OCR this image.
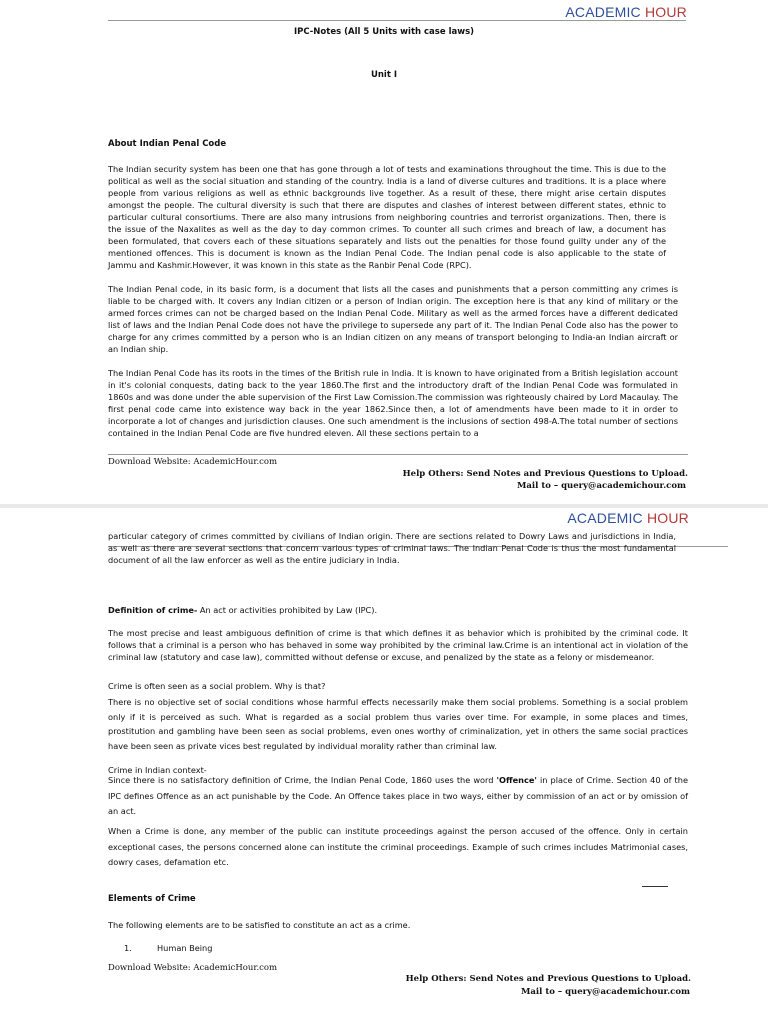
ACADEMIC HOUR
IPC-Notes (All 5 Units with case laws)
Unit I
About Indian Penal Code

The Indian security system has been one that has gone through a lot of tests and examinations throughout the time. This is due to the political as well as the social situation and standing of the country. India is a land of diverse cultures and traditions. It is a place where people from various religions as well as ethnic backgrounds live together. As a result of these, there might arise certain disputes amongst the people. The cultural diversity is such that there are disputes and clashes of interest between different states, ethnic to particular cultural consortiums. There are also many intrusions from neighboring countries and terrorist organizations. Then, there is the issue of the Naxalites as well as the day to day common crimes. To counter all such crimes and breach of law, a document has been formulated, that covers each of these situations separately and lists out the penalties for those found guilty under any of the mentioned offences. This is document is known as the Indian Penal Code. The Indian penal code is also applicable to the state of Jammu and Kashmir.However, it was known in this state as the Ranbir Penal Code (RPC).

The Indian Penal code, in its basic form, is a document that lists all the cases and punishments that a person committing any crimes is liable to be charged with. It covers any Indian citizen or a person of Indian origin. The exception here is that any kind of military or the armed forces crimes can not be charged based on the Indian Penal Code. Military as well as the armed forces have a different dedicated list of laws and the Indian Penal Code does not have the privilege to supersede any part of it. The Indian Penal Code also has the power to charge for any crimes committed by a person who is an Indian citizen on any means of transport belonging to India-an Indian aircraft or an Indian ship.

The Indian Penal Code has its roots in the times of the British rule in India. It is known to have originated from a British legislation account in it's colonial conquests, dating back to the year 1860.The first and the introductory draft of the Indian Penal Code was formulated in 1860s and was done under the able supervision of the First Law Comission.The commission was righteously chaired by Lord Macaulay. The first penal code came into existence way back in the year 1862.Since then, a lot of amendments have been made to it in order to incorporate a lot of changes and jurisdiction clauses. One such amendment is the inclusions of section 498-A.The total number of sections contained in the Indian Penal Code are five hundred eleven. All these sections pertain to a

Download Website: AcademicHour.com
Help Others: Send Notes and Previous Questions to Upload.
Mail to – query@academichour.com
ACADEMIC HOUR

particular category of crimes committed by civilians of Indian origin. There are sections related to Dowry Laws and jurisdictions in India, as well as there are several sections that concern various types of criminal laws. The Indian Penal Code is thus the most fundamental document of all the law enforcer as well as the entire judiciary in India.

Definition of crime- An act or activities prohibited by Law (IPC).

The most precise and least ambiguous definition of crime is that which defines it as behavior which is prohibited by the criminal code. It follows that a criminal is a person who has behaved in some way prohibited by the criminal law.Crime is an intentional act in violation of the criminal law (statutory and case law), committed without defense or excuse, and penalized by the state as a felony or misdemeanor.

Crime is often seen as a social problem. Why is that?

There is no objective set of social conditions whose harmful effects necessarily make them social problems. Something is a social problem only if it is perceived as such. What is regarded as a social problem thus varies over time. For example, in some places and times, prostitution and gambling have been seen as social problems, even ones worthy of criminalization, yet in others the same social practices have been seen as private vices best regulated by individual morality rather than criminal law.

Crime in Indian context-

Since there is no satisfactory definition of Crime, the Indian Penal Code, 1860 uses the word 'Offence' in place of Crime. Section 40 of the IPC defines Offence as an act punishable by the Code. An Offence takes place in two ways, either by commission of an act or by omission of an act.

When a Crime is done, any member of the public can institute proceedings against the person accused of the offence. Only in certain exceptional cases, the persons concerned alone can institute the criminal proceedings. Example of such crimes includes Matrimonial cases, dowry cases, defamation etc.

Elements of Crime
The following elements are to be satisfied to constitute an act as a crime.
1.	Human Being
Download Website: AcademicHour.com
Help Others: Send Notes and Previous Questions to Upload.
Mail to – query@academichour.com
